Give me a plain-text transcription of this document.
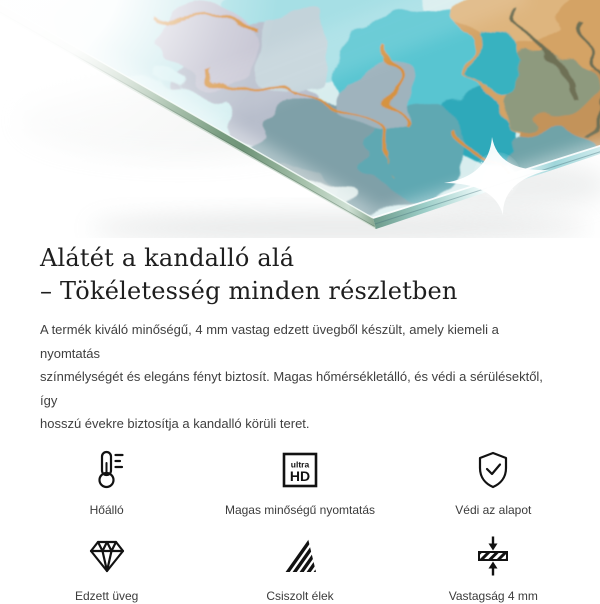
Alátét a kandalló alá
– Tökéletesség minden részletben

A termék kiváló minőségű, 4 mm vastag edzett üvegből készült, amely kiemeli a nyomtatás
színmélységét és elegáns fényt biztosít. Magas hőmérsékletálló, és védi a sérülésektől, így
hosszú évekre biztosítja a kandalló körüli teret.

Hőálló
ultra
HD
Magas minőségű nyomtatás	Védi az alapot
Edzett üveg	Csiszolt élek	Vastagság 4 mm
